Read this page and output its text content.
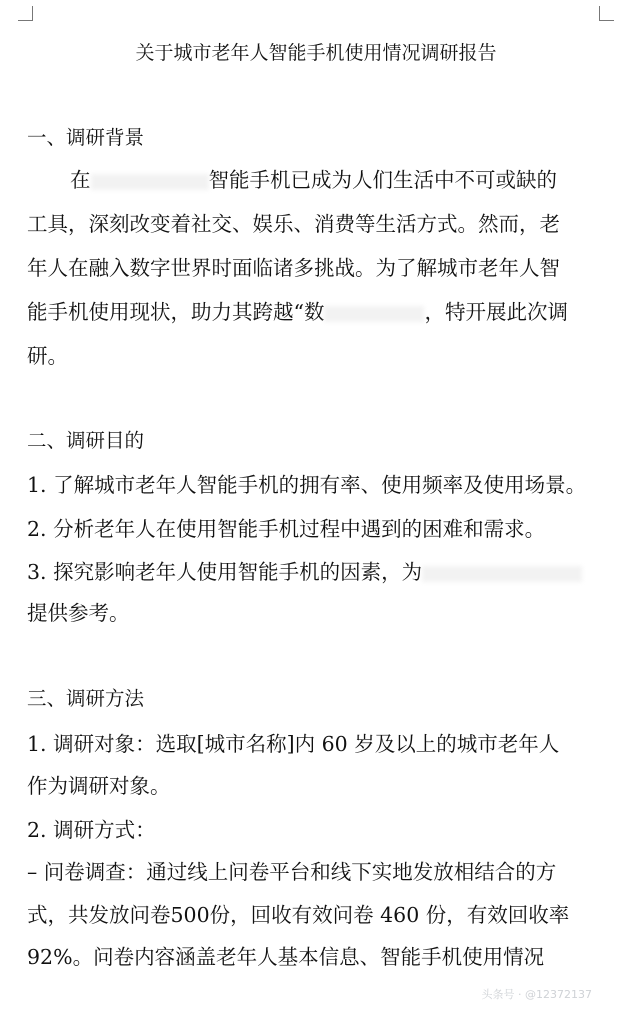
关于城市老年人智能手机使用情况调研报告
一、调研背景
在	智能手机已成为人们生活中不可或缺的
工具，深刻改变着社交、娱乐、消费等生活方式。然而，老
年人在融入数字世界时面临诸多挑战。为了解城市老年人智
能手机使用现状，助力其跨越“数	，特开展此次调
研。
二、调研目的
1. 了解城市老年人智能手机的拥有率、使用频率及使用场景。
2. 分析老年人在使用智能手机过程中遇到的困难和需求。
3. 探究影响老年人使用智能手机的因素，为
提供参考。
三、调研方法
1. 调研对象：选取[城市名称]内 60 岁及以上的城市老年人
作为调研对象。
2. 调研方式：
– 问卷调查：通过线上问卷平台和线下实地发放相结合的方
式，共发放问卷500份，回收有效问卷 460 份，有效回收率
92%。问卷内容涵盖老年人基本信息、智能手机使用情况
头条号 · @12372137
